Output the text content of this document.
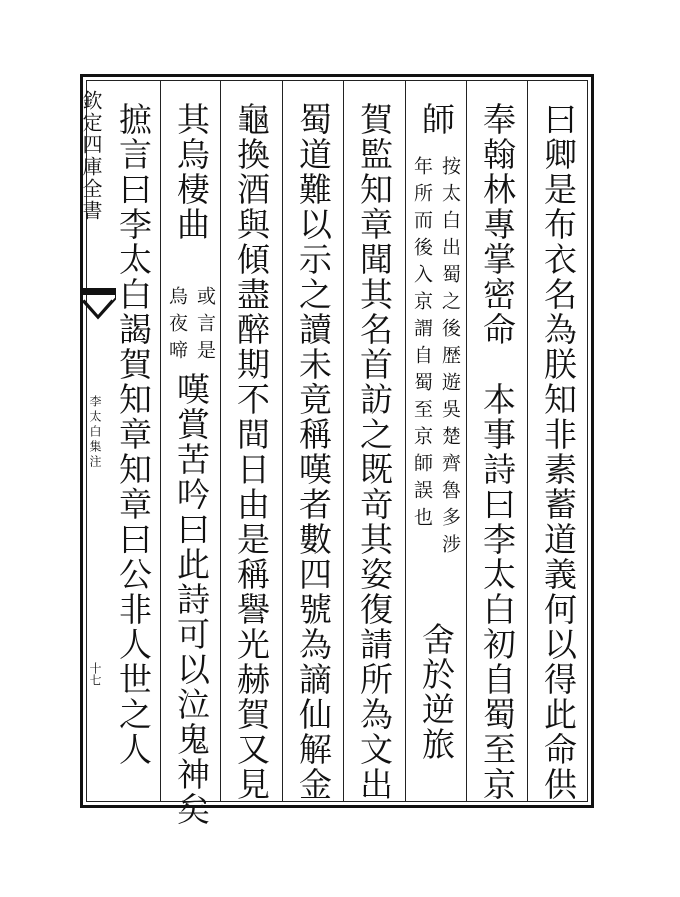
欽定四庫全書
李太白集注
十七	曰卿是布衣名為朕知非素蓄道義何以得此命供
奉翰林專掌密命　本事詩曰李太白初自蜀至京
師
按太白出蜀之後歴遊吳楚齊魯多涉
年所而後入京謂自蜀至京師誤也
舍於逆旅
賀監知章聞其名首訪之既竒其姿復請所為文出
蜀道難以示之讀未竟稱嘆者數四號為謫仙解金
龜換酒與傾盡醉期不間日由是稱譽光赫賀又見
其烏棲曲
或言是
烏夜啼
嘆賞苦吟曰此詩可以泣鬼神矣
摭言曰李太白謁賀知章知章曰公非人世之人
